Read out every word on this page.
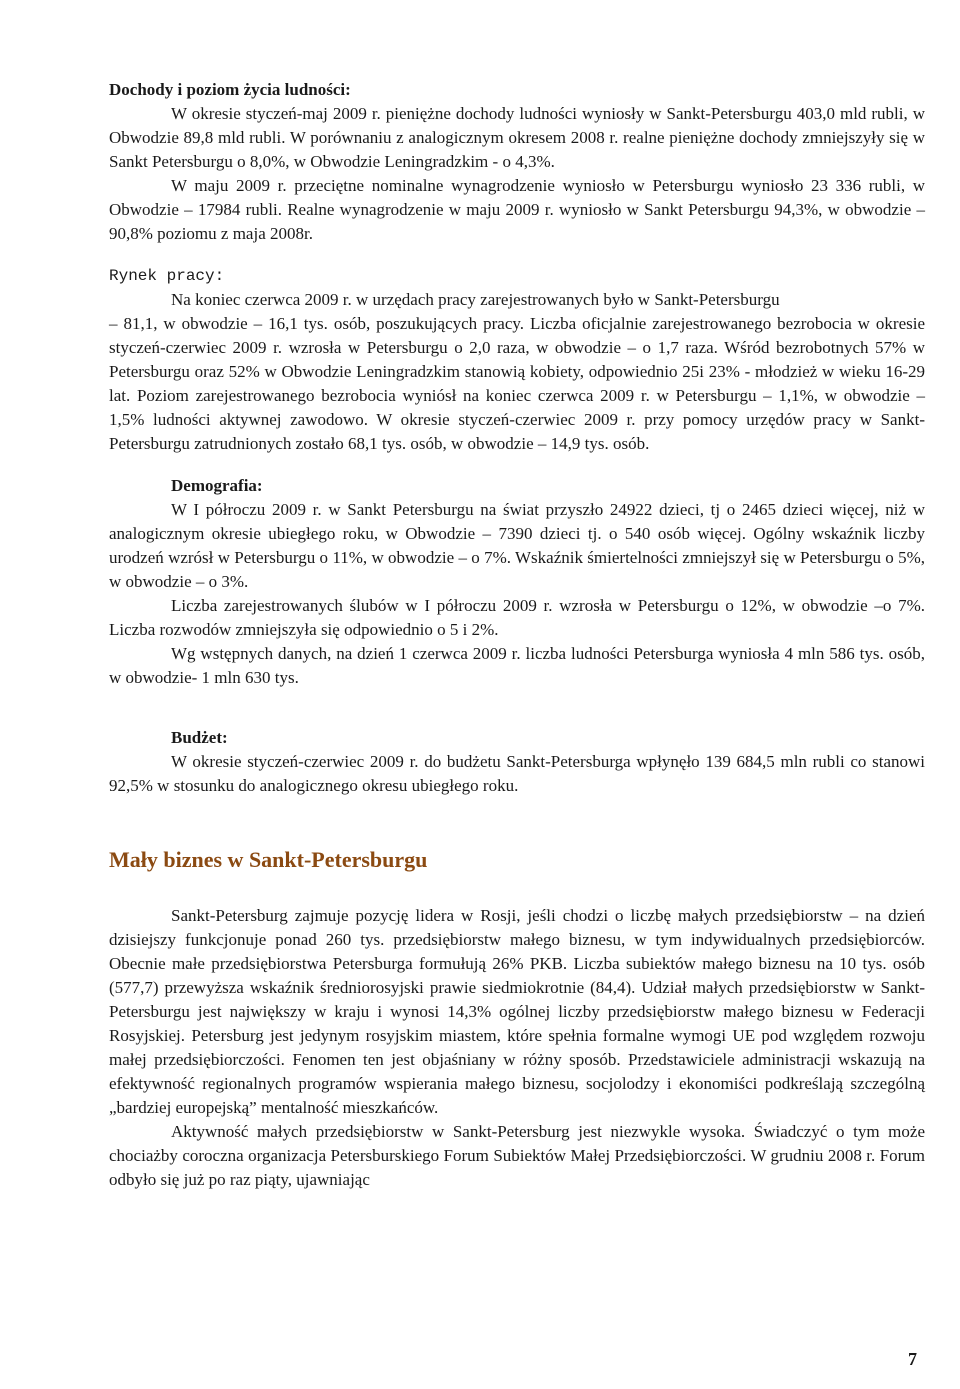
Dochody i poziom życia ludności:

W okresie styczeń-maj 2009 r. pieniężne dochody ludności wyniosły w Sankt-Petersburgu 403,0 mld rubli, w Obwodzie 89,8 mld rubli. W porównaniu z analogicznym okresem 2008 r. realne pieniężne dochody zmniejszyły się w Sankt Petersburgu o 8,0%, w Obwodzie Leningradzkim - o 4,3%.

W maju 2009 r. przeciętne nominalne wynagrodzenie wyniosło w Petersburgu wyniosło 23 336 rubli, w Obwodzie – 17984 rubli. Realne wynagrodzenie w maju 2009 r. wyniosło w Sankt Petersburgu 94,3%, w obwodzie – 90,8% poziomu z maja 2008r.

Rynek pracy:

Na koniec czerwca 2009 r. w urzędach pracy zarejestrowanych było w Sankt-Petersburgu

– 81,1, w obwodzie – 16,1 tys. osób, poszukujących pracy. Liczba oficjalnie zarejestrowanego bezrobocia w okresie styczeń-czerwiec 2009 r. wzrosła w Petersburgu o 2,0 raza, w obwodzie – o 1,7 raza. Wśród bezrobotnych 57% w Petersburgu oraz 52% w Obwodzie Leningradzkim stanowią kobiety, odpowiednio 25i 23% - młodzież w wieku 16-29 lat. Poziom zarejestrowanego bezrobocia wyniósł na koniec czerwca 2009 r. w Petersburgu – 1,1%, w obwodzie – 1,5% ludności aktywnej zawodowo. W okresie styczeń-czerwiec 2009 r. przy pomocy urzędów pracy w Sankt-Petersburgu zatrudnionych zostało 68,1 tys. osób, w obwodzie – 14,9 tys. osób.

Demografia:

W I półroczu 2009 r. w Sankt Petersburgu na świat przyszło 24922 dzieci, tj o 2465 dzieci więcej, niż w analogicznym okresie ubiegłego roku, w Obwodzie – 7390 dzieci tj. o 540 osób więcej. Ogólny wskaźnik liczby urodzeń wzrósł w Petersburgu o 11%, w obwodzie – o 7%. Wskaźnik śmiertelności zmniejszył się w Petersburgu o 5%, w obwodzie – o 3%.

Liczba zarejestrowanych ślubów w I półroczu 2009 r. wzrosła w Petersburgu o 12%, w obwodzie –o 7%. Liczba rozwodów zmniejszyła się odpowiednio o 5 i 2%.

Wg wstępnych danych, na dzień 1 czerwca 2009 r. liczba ludności Petersburga wyniosła 4 mln 586 tys. osób, w obwodzie- 1 mln 630 tys.

Budżet:

W okresie styczeń-czerwiec 2009 r. do budżetu Sankt-Petersburga wpłynęło 139 684,5 mln rubli co stanowi 92,5% w stosunku do analogicznego okresu ubiegłego roku.

Mały biznes w Sankt-Petersburgu

Sankt-Petersburg zajmuje pozycję lidera w Rosji, jeśli chodzi o liczbę małych przedsiębiorstw – na dzień dzisiejszy funkcjonuje ponad 260 tys. przedsiębiorstw małego biznesu, w tym indywidualnych przedsiębiorców. Obecnie małe przedsiębiorstwa Petersburga formułują 26% PKB. Liczba subiektów małego biznesu na 10 tys. osób (577,7) przewyższa wskaźnik średniorosyjski prawie siedmiokrotnie (84,4). Udział małych przedsiębiorstw w Sankt-Petersburgu jest największy w kraju i wynosi 14,3% ogólnej liczby przedsiębiorstw małego biznesu w Federacji Rosyjskiej. Petersburg jest jedynym rosyjskim miastem, które spełnia formalne wymogi UE pod względem rozwoju małej przedsiębiorczości. Fenomen ten jest objaśniany w różny sposób. Przedstawiciele administracji wskazują na efektywność regionalnych programów wspierania małego biznesu, socjolodzy i ekonomiści podkreślają szczególną „bardziej europejską” mentalność mieszkańców.

Aktywność małych przedsiębiorstw w Sankt-Petersburg jest niezwykle wysoka. Świadczyć o tym może chociażby coroczna organizacja Petersburskiego Forum Subiektów Małej Przedsiębiorczości. W grudniu 2008 r. Forum odbyło się już po raz piąty, ujawniając

7
